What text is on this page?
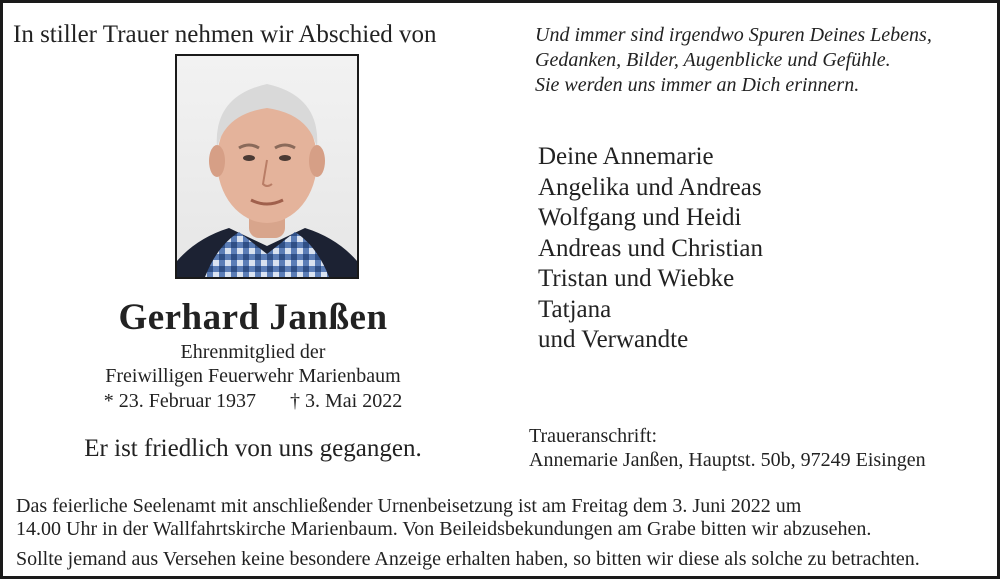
In stiller Trauer nehmen wir Abschied von
Gerhard Janßen
Ehrenmitglied der
Freiwilligen Feuerwehr Marienbaum
* 23. Februar 1937 † 3. Mai 2022
Er ist friedlich von uns gegangen.
Und immer sind irgendwo Spuren Deines Lebens,
Gedanken, Bilder, Augenblicke und Gefühle.
Sie werden uns immer an Dich erinnern.
Deine Annemarie
Angelika und Andreas
Wolfgang und Heidi
Andreas und Christian
Tristan und Wiebke
Tatjana
und Verwandte
Traueranschrift:
Annemarie Janßen, Hauptst. 50b, 97249 Eisingen
Das feierliche Seelenamt mit anschließender Urnenbeisetzung ist am Freitag dem 3. Juni 2022 um
14.00 Uhr in der Wallfahrtskirche Marienbaum. Von Beileidsbekundungen am Grabe bitten wir abzusehen.
Sollte jemand aus Versehen keine besondere Anzeige erhalten haben, so bitten wir diese als solche zu betrachten.
